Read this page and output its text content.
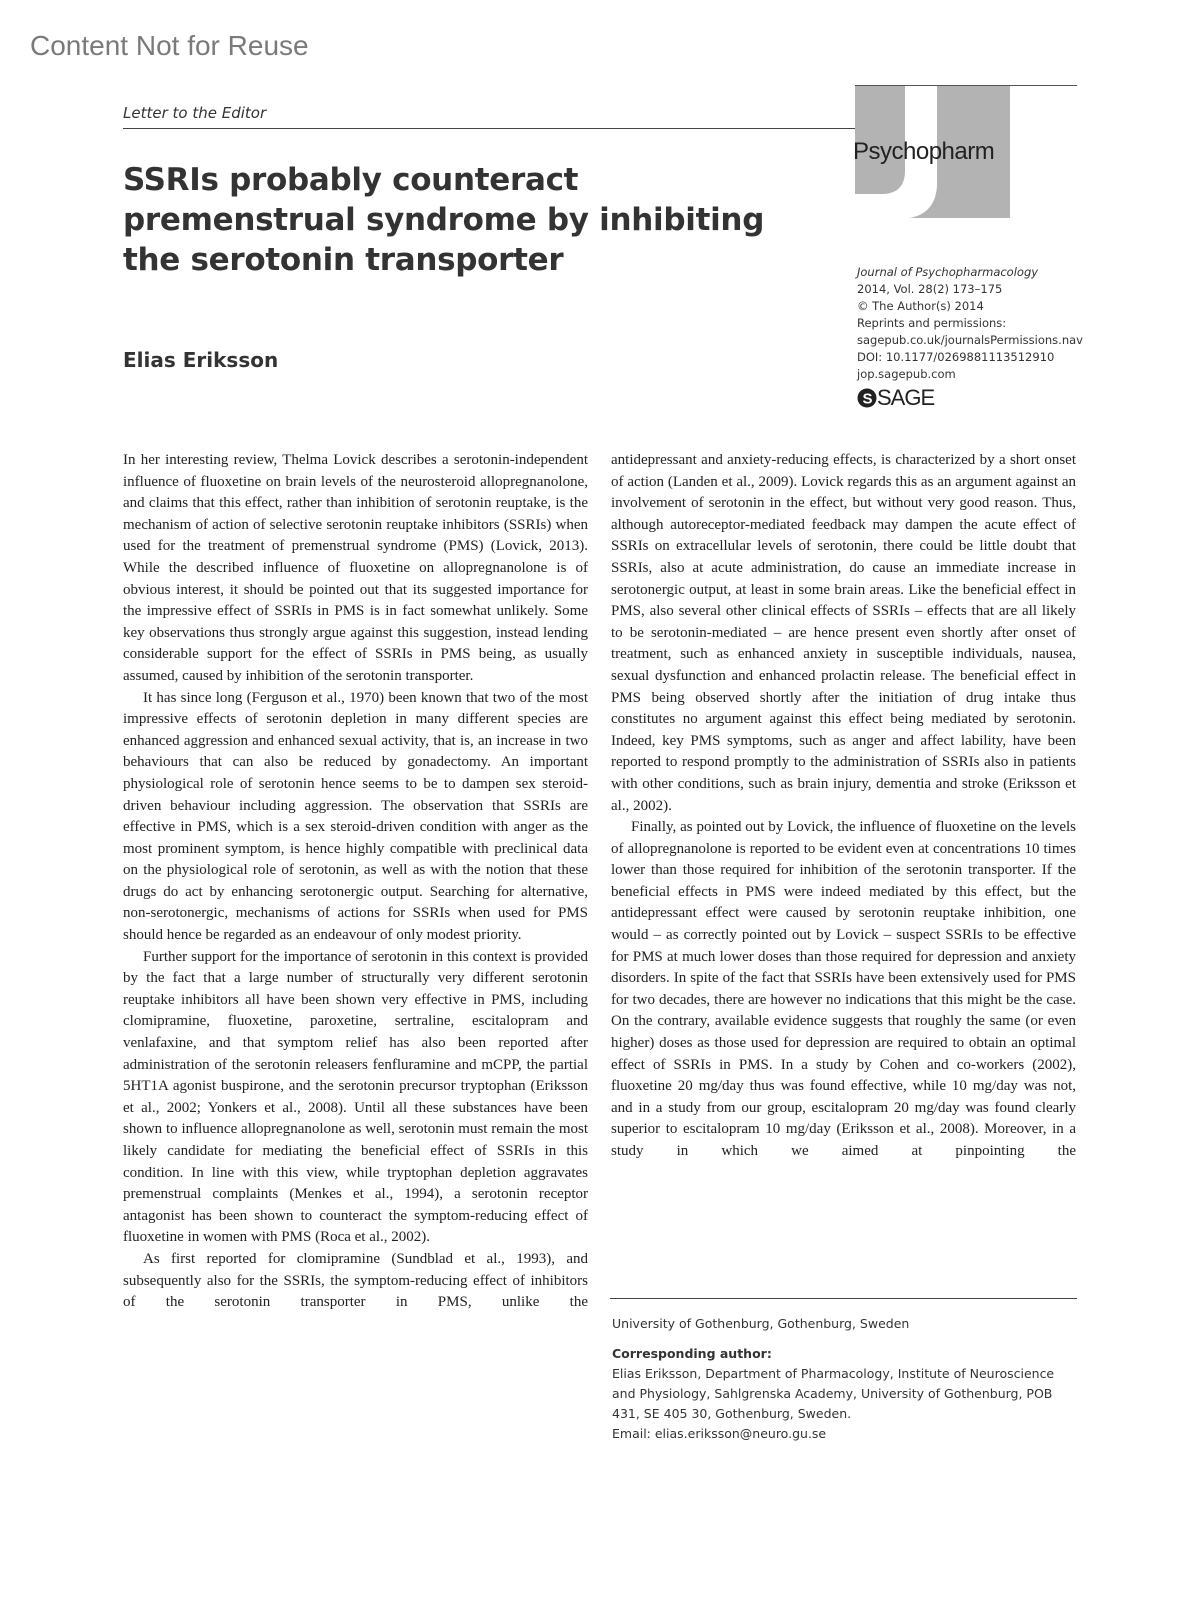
Content Not for Reuse
Letter to the Editor
Psychopharm
SSRIs probably counteract premenstrual syndrome by inhibiting the serotonin transporter
Elias Eriksson
Journal of Psychopharmacology
2014, Vol. 28(2) 173–175
© The Author(s) 2014
Reprints and permissions:
sagepub.co.uk/journalsPermissions.nav
DOI: 10.1177/0269881113512910
jop.sagepub.com
S SAGE

In her interesting review, Thelma Lovick describes a serotonin-independent influence of fluoxetine on brain levels of the neurosteroid allopregnanolone, and claims that this effect, rather than inhibition of serotonin reuptake, is the mechanism of action of selective serotonin reuptake inhibitors (SSRIs) when used for the treatment of premenstrual syndrome (PMS) (Lovick, 2013). While the described influence of fluoxetine on allopregnanolone is of obvious interest, it should be pointed out that its suggested importance for the impressive effect of SSRIs in PMS is in fact somewhat unlikely. Some key observations thus strongly argue against this suggestion, instead lending considerable support for the effect of SSRIs in PMS being, as usually assumed, caused by inhibition of the serotonin transporter.

It has since long (Ferguson et al., 1970) been known that two of the most impressive effects of serotonin depletion in many different species are enhanced aggression and enhanced sexual activity, that is, an increase in two behaviours that can also be reduced by gonadectomy. An important physiological role of serotonin hence seems to be to dampen sex steroid-driven behaviour including aggression. The observation that SSRIs are effective in PMS, which is a sex steroid-driven condition with anger as the most prominent symptom, is hence highly compatible with preclinical data on the physiological role of serotonin, as well as with the notion that these drugs do act by enhancing serotonergic output. Searching for alternative, non-serotonergic, mechanisms of actions for SSRIs when used for PMS should hence be regarded as an endeavour of only modest priority.

Further support for the importance of serotonin in this context is provided by the fact that a large number of structurally very different serotonin reuptake inhibitors all have been shown very effective in PMS, including clomipramine, fluoxetine, paroxetine, sertraline, escitalopram and venlafaxine, and that symptom relief has also been reported after administration of the serotonin releasers fenfluramine and mCPP, the partial 5HT1A agonist buspirone, and the serotonin precursor tryptophan (Eriksson et al., 2002; Yonkers et al., 2008). Until all these substances have been shown to influence allopregnanolone as well, serotonin must remain the most likely candidate for mediating the beneficial effect of SSRIs in this condition. In line with this view, while tryptophan depletion aggravates premenstrual complaints (Menkes et al., 1994), a serotonin receptor antagonist has been shown to counteract the symptom-reducing effect of fluoxetine in women with PMS (Roca et al., 2002).

As first reported for clomipramine (Sundblad et al., 1993), and subsequently also for the SSRIs, the symptom-reducing effect of inhibitors of the serotonin transporter in PMS, unlike the

antidepressant and anxiety-reducing effects, is characterized by a short onset of action (Landen et al., 2009). Lovick regards this as an argument against an involvement of serotonin in the effect, but without very good reason. Thus, although autoreceptor-mediated feedback may dampen the acute effect of SSRIs on extracellular levels of serotonin, there could be little doubt that SSRIs, also at acute administration, do cause an immediate increase in serotonergic output, at least in some brain areas. Like the beneficial effect in PMS, also several other clinical effects of SSRIs – effects that are all likely to be serotonin-mediated – are hence present even shortly after onset of treatment, such as enhanced anxiety in susceptible individuals, nausea, sexual dysfunction and enhanced prolactin release. The beneficial effect in PMS being observed shortly after the initiation of drug intake thus constitutes no argument against this effect being mediated by serotonin. Indeed, key PMS symptoms, such as anger and affect lability, have been reported to respond promptly to the administration of SSRIs also in patients with other conditions, such as brain injury, dementia and stroke (Eriksson et al., 2002).

Finally, as pointed out by Lovick, the influence of fluoxetine on the levels of allopregnanolone is reported to be evident even at concentrations 10 times lower than those required for inhibition of the serotonin transporter. If the beneficial effects in PMS were indeed mediated by this effect, but the antidepressant effect were caused by serotonin reuptake inhibition, one would – as correctly pointed out by Lovick – suspect SSRIs to be effective for PMS at much lower doses than those required for depression and anxiety disorders. In spite of the fact that SSRIs have been extensively used for PMS for two decades, there are however no indications that this might be the case. On the contrary, available evidence suggests that roughly the same (or even higher) doses as those used for depression are required to obtain an optimal effect of SSRIs in PMS. In a study by Cohen and co-workers (2002), fluoxetine 20 mg/day thus was found effective, while 10 mg/day was not, and in a study from our group, escitalopram 20 mg/day was found clearly superior to escitalopram 10 mg/day (Eriksson et al., 2008). Moreover, in a study in which we aimed at pinpointing the

University of Gothenburg, Gothenburg, Sweden
Corresponding author:
Elias Eriksson, Department of Pharmacology, Institute of Neuroscience and Physiology, Sahlgrenska Academy, University of Gothenburg, POB 431, SE 405 30, Gothenburg, Sweden.
Email: elias.eriksson@neuro.gu.se
